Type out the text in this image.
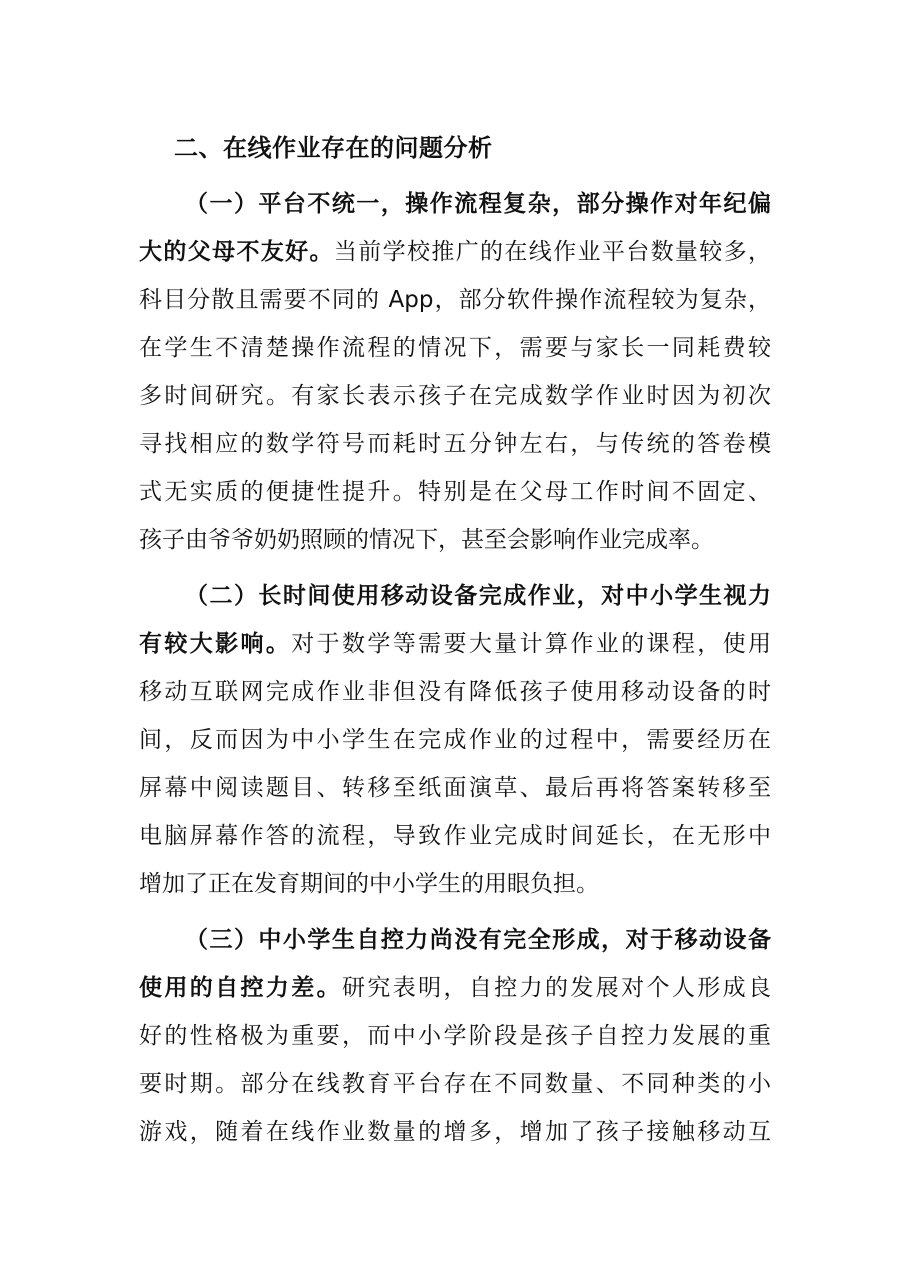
二、在线作业存在的问题分析
（一）平台不统一，操作流程复杂，部分操作对年纪偏
大的父母不友好。当前学校推广的在线作业平台数量较多，
科目分散且需要不同的 App，部分软件操作流程较为复杂，
在学生不清楚操作流程的情况下，需要与家长一同耗费较
多时间研究。有家长表示孩子在完成数学作业时因为初次
寻找相应的数学符号而耗时五分钟左右，与传统的答卷模
式无实质的便捷性提升。特别是在父母工作时间不固定、
孩子由爷爷奶奶照顾的情况下，甚至会影响作业完成率。
（二）长时间使用移动设备完成作业，对中小学生视力
有较大影响。对于数学等需要大量计算作业的课程，使用
移动互联网完成作业非但没有降低孩子使用移动设备的时
间，反而因为中小学生在完成作业的过程中，需要经历在
屏幕中阅读题目、转移至纸面演草、最后再将答案转移至
电脑屏幕作答的流程，导致作业完成时间延长，在无形中
增加了正在发育期间的中小学生的用眼负担。
（三）中小学生自控力尚没有完全形成，对于移动设备
使用的自控力差。研究表明，自控力的发展对个人形成良
好的性格极为重要，而中小学阶段是孩子自控力发展的重
要时期。部分在线教育平台存在不同数量、不同种类的小
游戏，随着在线作业数量的增多，增加了孩子接触移动互
